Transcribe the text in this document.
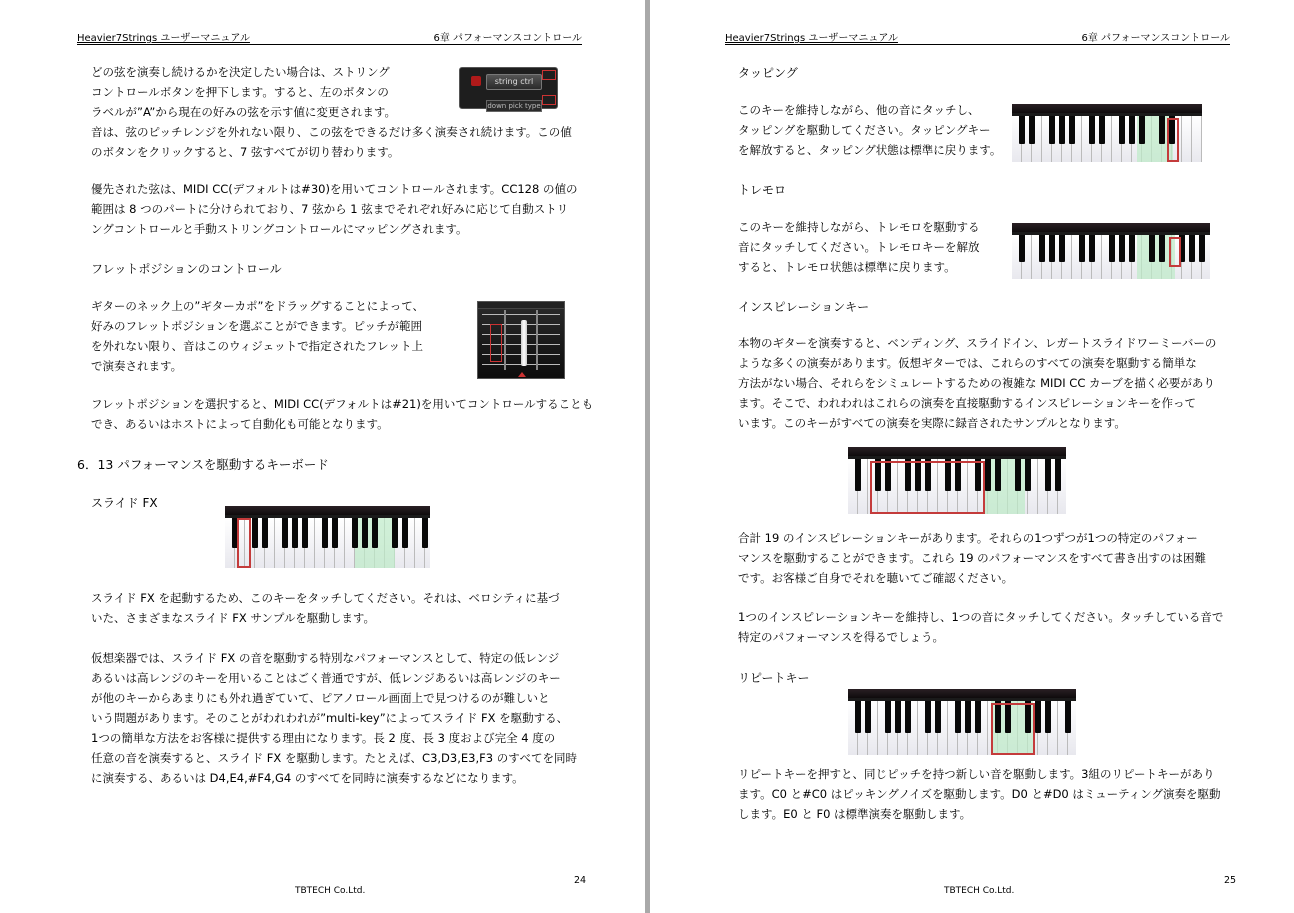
Heavier7Strings ユーザーマニュアル	6章 パフォーマンスコントロール
どの弦を演奏し続けるかを決定したい場合は、ストリング
コントロールボタンを押下します。すると、左のボタンの
ラベルが”A”から現在の好みの弦を示す値に変更されます。
音は、弦のピッチレンジを外れない限り、この弦をできるだけ多く演奏され続けます。この値
のボタンをクリックすると、7 弦すべてが切り替わります。
string ctrl
down pick type
優先された弦は、MIDI CC(デフォルトは#30)を用いてコントロールされます。CC128 の値の
範囲は 8 つのパートに分けられており、7 弦から 1 弦までそれぞれ好みに応じて自動ストリ
ングコントロールと手動ストリングコントロールにマッピングされます。
フレットポジションのコントロール
ギターのネック上の”ギターカポ”をドラッグすることによって、
好みのフレットポジションを選ぶことができます。ピッチが範囲
を外れない限り、音はこのウィジェットで指定されたフレット上
で演奏されます。
フレットポジションを選択すると、MIDI CC(デフォルトは#21)を用いてコントロールすることも
でき、あるいはホストによって自動化も可能となります。
6．13 パフォーマンスを駆動するキーボード
スライド FX
スライド FX を起動するため、このキーをタッチしてください。それは、ベロシティに基づ
いた、さまざまなスライド FX サンプルを駆動します。
仮想楽器では、スライド FX の音を駆動する特別なパフォーマンスとして、特定の低レンジ
あるいは高レンジのキーを用いることはごく普通ですが、低レンジあるいは高レンジのキー
が他のキーからあまりにも外れ過ぎていて、ピアノロール画面上で見つけるのが難しいと
いう問題があります。そのことがわれわれが”multi-key”によってスライド FX を駆動する、
1つの簡単な方法をお客様に提供する理由になります。長 2 度、長 3 度および完全 4 度の
任意の音を演奏すると、スライド FX を駆動します。たとえば、C3,D3,E3,F3 のすべてを同時
に演奏する、あるいは D4,E4,#F4,G4 のすべてを同時に演奏するなどになります。
24
TBTECH Co.Ltd.
Heavier7Strings ユーザーマニュアル	6章 パフォーマンスコントロール
タッピング
このキーを維持しながら、他の音にタッチし、
タッピングを駆動してください。タッピングキー
を解放すると、タッピング状態は標準に戻ります。
トレモロ
このキーを維持しながら、トレモロを駆動する
音にタッチしてください。トレモロキーを解放
すると、トレモロ状態は標準に戻ります。
インスピレーションキー
本物のギターを演奏すると、ベンディング、スライドイン、レガートスライドワーミーバーの
ような多くの演奏があります。仮想ギターでは、これらのすべての演奏を駆動する簡単な
方法がない場合、それらをシミュレートするための複雑な MIDI CC カーブを描く必要があり
ます。そこで、われわれはこれらの演奏を直接駆動するインスピレーションキーを作って
います。このキーがすべての演奏を実際に録音されたサンプルとなります。
合計 19 のインスピレーションキーがあります。それらの1つずつが1つの特定のパフォー
マンスを駆動することができます。これら 19 のパフォーマンスをすべて書き出すのは困難
です。お客様ご自身でそれを聴いてご確認ください。
1つのインスピレーションキーを維持し、1つの音にタッチしてください。タッチしている音で
特定のパフォーマンスを得るでしょう。
リピートキー
リピートキーを押すと、同じピッチを持つ新しい音を駆動します。3組のリピートキーがあり
ます。C0 と#C0 はピッキングノイズを駆動します。D0 と#D0 はミューティング演奏を駆動
します。E0 と F0 は標準演奏を駆動します。
25
TBTECH Co.Ltd.
